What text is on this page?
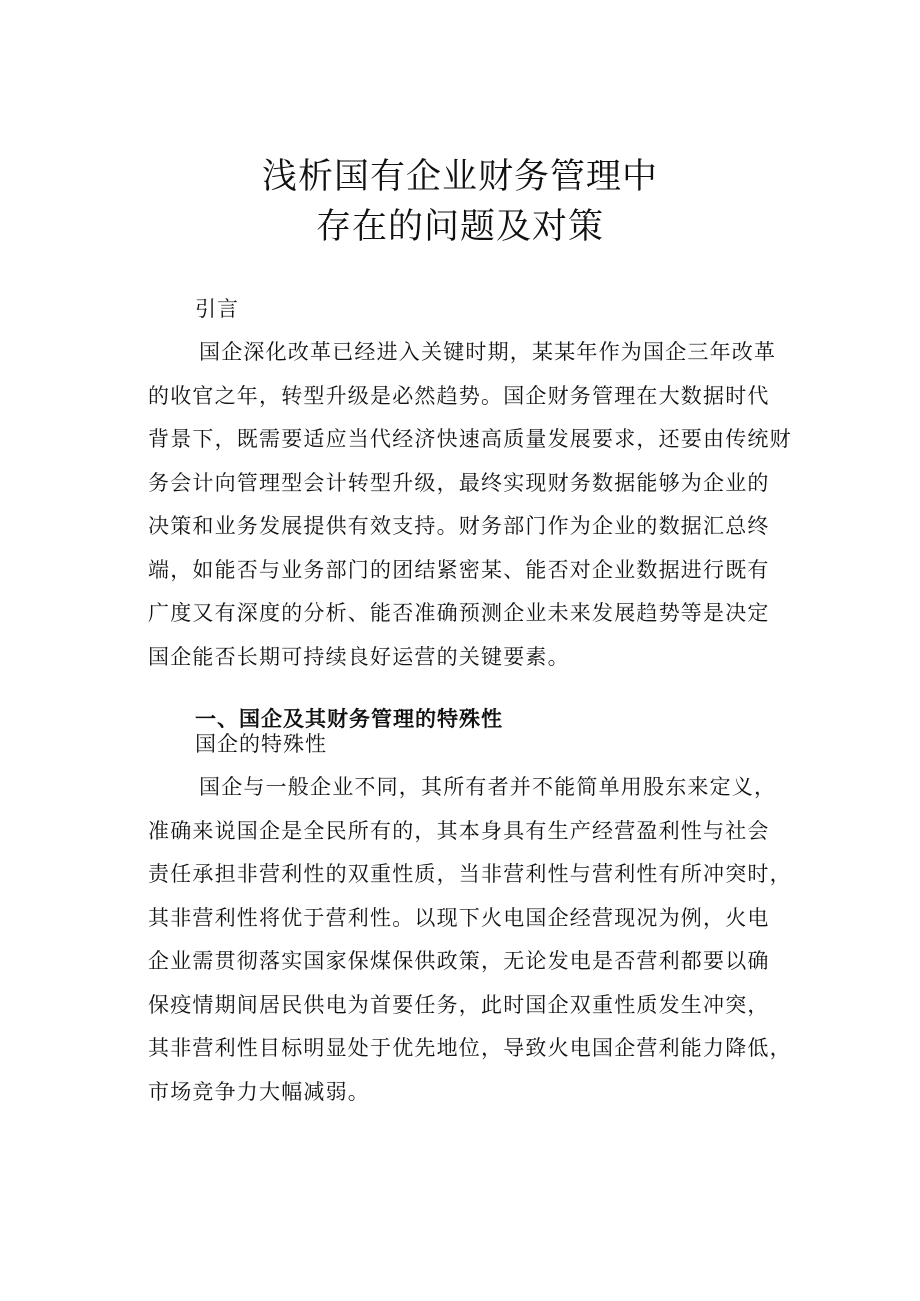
浅析国有企业财务管理中
存在的问题及对策
引言
国企深化改革已经进入关键时期，某某年作为国企三年改革
的收官之年，转型升级是必然趋势。国企财务管理在大数据时代
背景下，既需要适应当代经济快速高质量发展要求，还要由传统财
务会计向管理型会计转型升级，最终实现财务数据能够为企业的
决策和业务发展提供有效支持。财务部门作为企业的数据汇总终
端，如能否与业务部门的团结紧密某、能否对企业数据进行既有
广度又有深度的分析、能否准确预测企业未来发展趋势等是决定
国企能否长期可持续良好运营的关键要素。
一、国企及其财务管理的特殊性
国企的特殊性
国企与一般企业不同，其所有者并不能简单用股东来定义，
准确来说国企是全民所有的，其本身具有生产经营盈利性与社会
责任承担非营利性的双重性质，当非营利性与营利性有所冲突时，
其非营利性将优于营利性。以现下火电国企经营现况为例，火电
企业需贯彻落实国家保煤保供政策，无论发电是否营利都要以确
保疫情期间居民供电为首要任务，此时国企双重性质发生冲突，
其非营利性目标明显处于优先地位，导致火电国企营利能力降低，
市场竞争力大幅减弱。
